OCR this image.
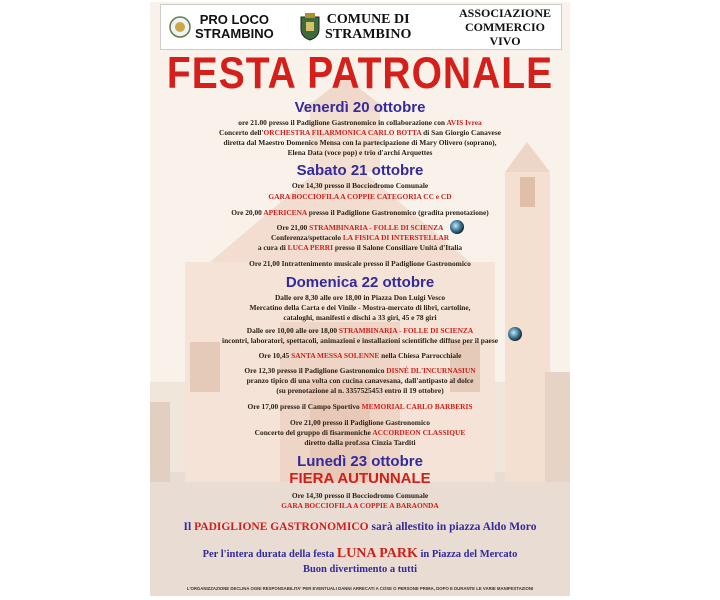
PRO LOCO
STRAMBINO
COMUNE DI
STRAMBINO
ASSOCIAZIONE
COMMERCIO VIVO
FESTA PATRONALE
Venerdì 20 ottobre
ore 21.00 presso il Padiglione Gastronomico in collaborazione con AVIS Ivrea
Concerto dell'ORCHESTRA FILARMONICA CARLO BOTTA di San Giorgio Canavese
diretta dal Maestro Domenico Mensa con la partecipazione di Mary Olivero (soprano),
Elena Data (voce pop) e trio d'archi Arquettes
Sabato 21 ottobre
Ore 14,30 presso il Bocciodromo Comunale
GARA BOCCIOFILA A COPPIE CATEGORIA CC e CD
Ore 20,00 APERICENA presso il Padiglione Gastronomico (gradita prenotazione)
Ore 21,00 STRAMBINARIA - FOLLE DI SCIENZA
Conferenza/spettacolo LA FISICA DI INTERSTELLAR
a cura di LUCA PERRI presso il Salone Consiliare Unità d'Italia
Ore 21,00 Intrattenimento musicale presso il Padiglione Gastronomico
Domenica 22 ottobre
Dalle ore 8,30 alle ore 18,00 in Piazza Don Luigi Vesco
Mercatino della Carta e dei Vinile - Mostra-mercato di libri, cartoline,
cataloghi, manifesti e dischi a 33 giri, 45 e 78 giri
Dalle ore 10,00 alle ore 18,00 STRAMBINARIA - FOLLE DI SCIENZA
incontri, laboratori, spettacoli, animazioni e installazioni scientifiche diffuse per il paese
Ore 10,45 SANTA MESSA SOLENNE nella Chiesa Parrocchiale
Ore 12,30 presso il Padiglione Gastronomico DISNÉ DL'INCURNASIUN
pranzo tipico di una volta con cucina canavesana, dall'antipasto al dolce
(su prenotazione al n. 3357525453 entro il 19 ottobre)
Ore 17,00 presso il Campo Sportivo MEMORIAL CARLO BARBERIS
Ore 21,00 presso il Padiglione Gastronomico
Concerto del gruppo di fisarmoniche ACCORDEON CLASSIQUE
diretto dalla prof.ssa Cinzia Tarditi
Lunedì 23 ottobre
FIERA AUTUNNALE
Ore 14,30 presso il Bocciodromo Comunale
GARA BOCCIOFILA A COPPIE A BARAONDA
Il PADIGLIONE GASTRONOMICO sarà allestito in piazza Aldo Moro
Per l'intera durata della festa LUNA PARK in Piazza del Mercato
Buon divertimento a tutti
L'ORGANIZZAZIONE DECLINA OGNI RESPONSABILITA' PER EVENTUALI DANNI ARRECATI A COSE O PERSONE PRIMA, DOPO E DURANTE LE VARIE MANIFESTAZIONI
